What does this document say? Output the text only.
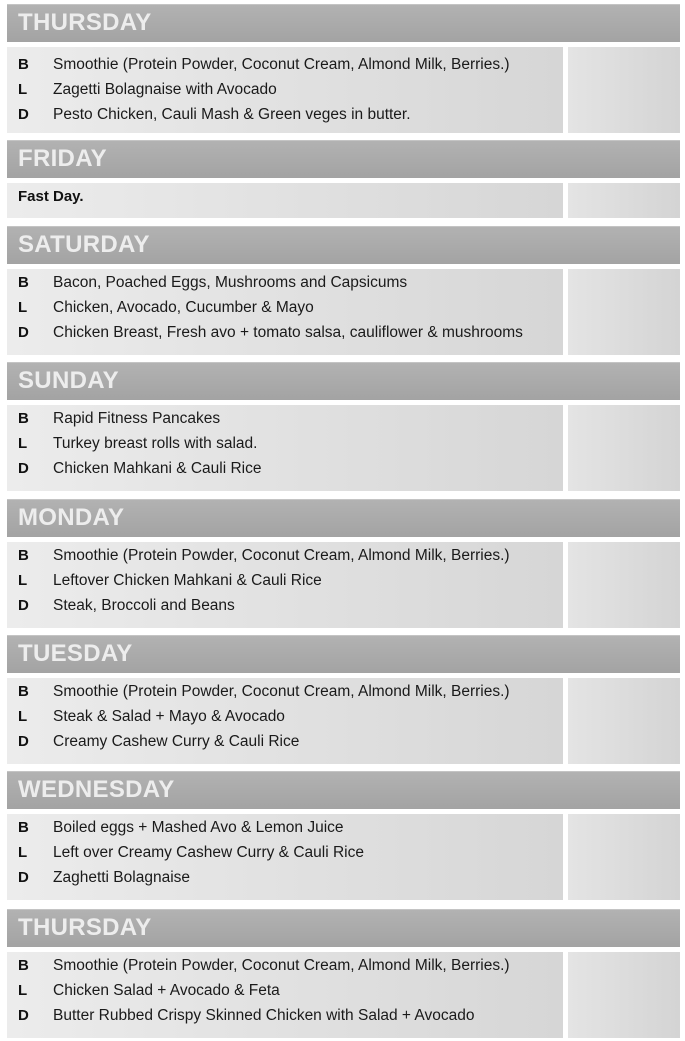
THURSDAY
B Smoothie (Protein Powder, Coconut Cream, Almond Milk, Berries.)
L Zagetti Bolagnaise with Avocado
D Pesto Chicken, Cauli Mash & Green veges in butter.
FRIDAY
Fast Day.
SATURDAY
B Bacon, Poached Eggs, Mushrooms and Capsicums
L Chicken, Avocado, Cucumber & Mayo
D Chicken Breast, Fresh avo + tomato salsa, cauliflower & mushrooms
SUNDAY
B Rapid Fitness Pancakes
L Turkey breast rolls with salad.
D Chicken Mahkani & Cauli Rice
MONDAY
B Smoothie (Protein Powder, Coconut Cream, Almond Milk, Berries.)
L Leftover Chicken Mahkani & Cauli Rice
D Steak, Broccoli and Beans
TUESDAY
B Smoothie (Protein Powder, Coconut Cream, Almond Milk, Berries.)
L Steak & Salad + Mayo & Avocado
D Creamy Cashew Curry & Cauli Rice
WEDNESDAY
B Boiled eggs + Mashed Avo & Lemon Juice
L Left over Creamy Cashew Curry & Cauli Rice
D Zaghetti Bolagnaise
THURSDAY
B Smoothie (Protein Powder, Coconut Cream, Almond Milk, Berries.)
L Chicken Salad + Avocado & Feta
D Butter Rubbed Crispy Skinned Chicken with Salad + Avocado
